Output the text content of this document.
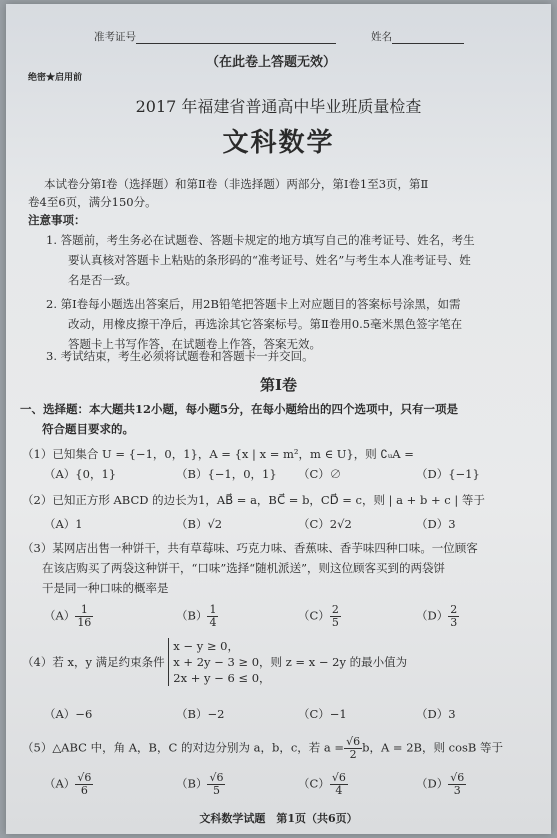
准考证号	姓名
（在此卷上答题无效）
绝密★启用前
2017 年福建省普通高中毕业班质量检查
文科数学
本试卷分第Ⅰ卷（选择题）和第Ⅱ卷（非选择题）两部分，第Ⅰ卷1至3页，第Ⅱ
卷4至6页，满分150分。
注意事项：
1. 答题前，考生务必在试题卷、答题卡规定的地方填写自己的准考证号、姓名，考生
要认真核对答题卡上粘贴的条形码的“准考证号、姓名”与考生本人准考证号、姓
名是否一致。
2. 第Ⅰ卷每小题选出答案后，用2B铅笔把答题卡上对应题目的答案标号涂黑，如需
改动，用橡皮擦干净后，再选涂其它答案标号。第Ⅱ卷用0.5毫米黑色签字笔在
答题卡上书写作答，在试题卷上作答，答案无效。
3. 考试结束，考生必须将试题卷和答题卡一并交回。
第Ⅰ卷
一、选择题：本大题共12小题，每小题5分，在每小题给出的四个选项中，只有一项是
符合题目要求的。
（1）已知集合 U = {−1，0，1}，A = {x | x = m²，m ∈ U}，则 ∁ᵤA =
（A）{0，1}	（B）{−1，0，1} （C）∅	（D）{−1}
（2）已知正方形 ABCD 的边长为1，AB⃗ = a，BC⃗ = b，CD⃗ = c，则 | a + b + c | 等于
（A）1	（B）√2	（C）2√2	（D）3
（3）某网店出售一种饼干，共有草莓味、巧克力味、香蕉味、香芋味四种口味。一位顾客
在该店购买了两袋这种饼干，“口味”选择“随机派送”，则这位顾客买到的两袋饼
干是同一种口味的概率是
$(A) \frac{1}{16}$	$(B) \frac{1}{4}$	$(C) \frac{2}{5}$	$(D) \frac{2}{3}$
（4）若 x，y 满足约束条件
x − y ≥ 0，
x + 2y − 3 ≥ 0，则 z = x − 2y 的最小值为
2x + y − 6 ≤ 0，
（A）−6	（B）−2	（C）−1	（D）3
（5）△ABC 中，角 A，B，C 的对边分别为 a，b，c，若 $a = \frac{√6}{2}$ b，A = 2B，则 cosB 等于
$(A) \frac{√6}{6}$	$(B) \frac{√6}{5}$	$(C) \frac{√6}{4}$	$(D) \frac{√6}{3}$
文科数学试题　第1页（共6页）
